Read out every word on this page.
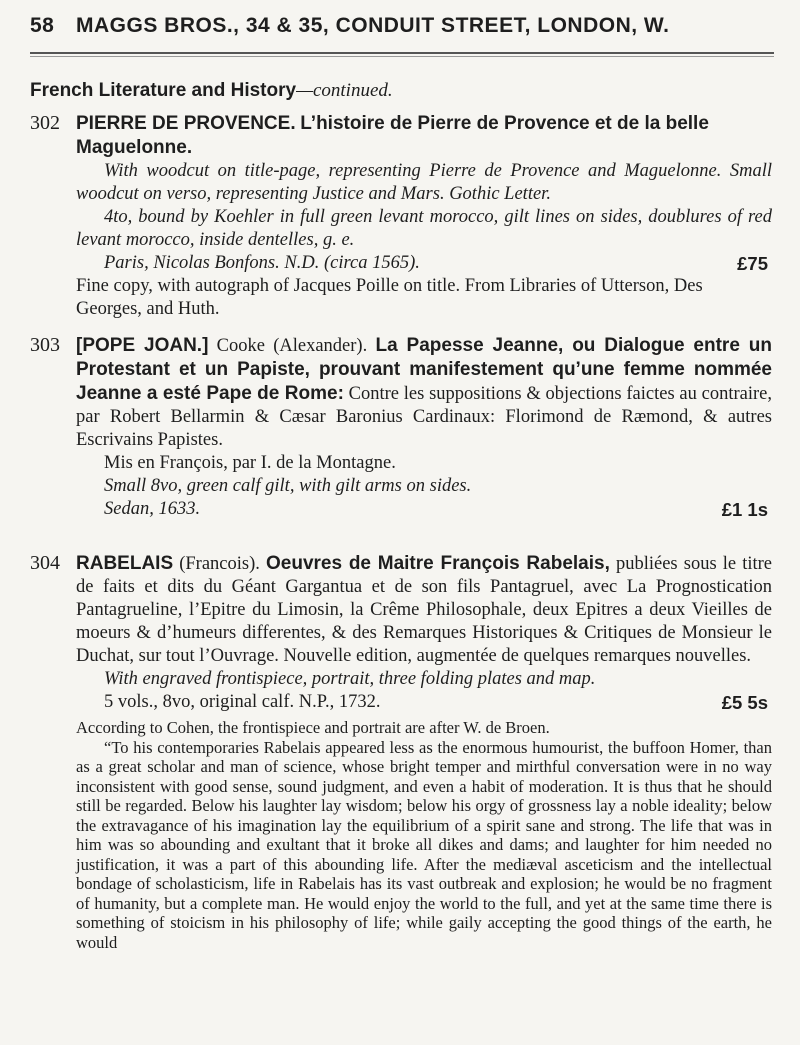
58 MAGGS BROS., 34 & 35, CONDUIT STREET, LONDON, W.
French Literature and History—continued.
302 PIERRE DE PROVENCE. L’histoire de Pierre de Provence et de la belle Maguelonne.

With woodcut on title-page, representing Pierre de Provence and Maguelonne. Small woodcut on verso, representing Justice and Mars. Gothic Letter.

4to, bound by Koehler in full green levant morocco, gilt lines on sides, doublures of red levant morocco, inside dentelles, g. e.

Paris, Nicolas Bonfons. N.D. (circa 1565).	£75

Fine copy, with autograph of Jacques Poille on title. From Libraries of Utterson, Des Georges, and Huth.

303 [POPE JOAN.] Cooke (Alexander). La Papesse Jeanne, ou Dialogue entre un Protestant et un Papiste, prouvant manifestement qu’une femme nommée Jeanne a esté Pape de Rome: Contre les suppositions & objections faictes au contraire, par Robert Bellarmin & Cæsar Baronius Cardinaux: Florimond de Ræmond, & autres Escrivains Papistes.

Mis en François, par I. de la Montagne.

Small 8vo, green calf gilt, with gilt arms on sides.

Sedan, 1633.	£1 1s
304 RABELAIS (Francois). Oeuvres de Maitre François Rabelais, publiées sous le titre de faits et dits du Géant Gargantua et de son fils Pantagruel, avec La Prognostication Pantagrueline, l’Epitre du Limosin, la Crême Philosophale, deux Epitres a deux Vieilles de moeurs & d’humeurs differentes, & des Remarques Historiques & Critiques de Monsieur le Duchat, sur tout l’Ouvrage. Nouvelle edition, augmentée de quelques remarques nouvelles.

With engraved frontispiece, portrait, three folding plates and map.

5 vols., 8vo, original calf. N.P., 1732.	£5 5s

According to Cohen, the frontispiece and portrait are after W. de Broen.

“To his contemporaries Rabelais appeared less as the enormous humourist, the buffoon Homer, than as a great scholar and man of science, whose bright temper and mirthful conversation were in no way inconsistent with good sense, sound judgment, and even a habit of moderation. It is thus that he should still be regarded. Below his laughter lay wisdom; below his orgy of grossness lay a noble ideality; below the extravagance of his imagination lay the equilibrium of a spirit sane and strong. The life that was in him was so abounding and exultant that it broke all dikes and dams; and laughter for him needed no justification, it was a part of this abounding life. After the mediæval asceticism and the intellectual bondage of scholasticism, life in Rabelais has its vast outbreak and explosion; he would be no fragment of humanity, but a complete man. He would enjoy the world to the full, and yet at the same time there is something of stoicism in his philosophy of life; while gaily accepting the good things of the earth, he would
